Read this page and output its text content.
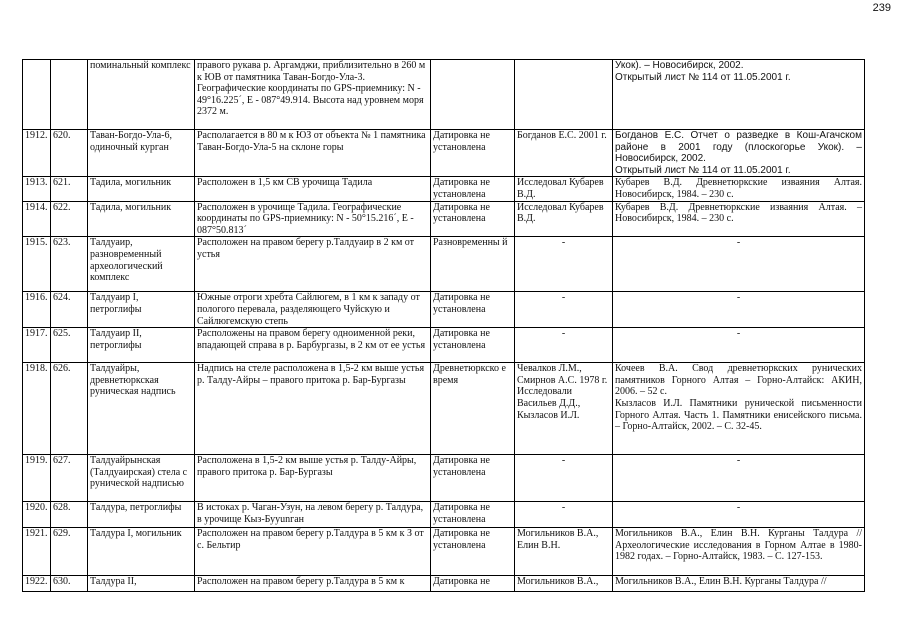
239
		поминальный комплекс	правого рукава р. Аргамджи, приблизительно в 260 м к ЮВ от памятника Таван-Богдо-Ула-3. Географические координаты по GPS-приемнику: N - 49°16.225´, E - 087°49.914. Высота над уровнем моря 2372 м.			Укок). – Новосибирск, 2002.
Открытый лист № 114 от 11.05.2001 г.

1912.	620.	Таван-Богдо-Ула-6, одиночный курган	Располагается в 80 м к ЮЗ от объекта № 1 памятника Таван-Богдо-Ула-5 на склоне горы	Датировка не установлена	Богданов Е.С. 2001 г.	Богданов Е.С. Отчет о разведке в Кош-Агачском районе в 2001 году (плоскогорье Укок). – Новосибирск, 2002.
Открытый лист № 114 от 11.05.2001 г.

1913.	621.	Тадила, могильник	Расположен в 1,5 км СВ урочища Тадила	Датировка не установлена	Исследовал Кубарев В.Д.	Кубарев В.Д. Древнетюркские изваяния Алтая. Новосибирск, 1984. – 230 с.

1914.	622.	Тадила, могильник	Расположен в урочище Тадила. Географические координаты по GPS-приемнику: N - 50°15.216´, E - 087°50.813´	Датировка не установлена	Исследовал Кубарев В.Д.	Кубарев В.Д. Древнетюркские изваяния Алтая. – Новосибирск, 1984. – 230 с.

1915.	623.	Талдуаир, разновременный археологический комплекс	Расположен на правом берегу р.Талдуаир в 2 км от устья	Разновременны й	-	-

1916.	624.	Талдуаир I, петроглифы	Южные отроги хребта Сайлюгем, в 1 км к западу от пологого перевала, разделяющего Чуйскую и Сайлюгемскую степь	Датировка не установлена	-	-

1917.	625.	Талдуаир II, петроглифы	Расположены на правом берегу одноименной реки, впадающей справа в р. Барбургазы, в 2 км от ее устья	Датировка не установлена	-	-

1918.	626.	Талдуайры, древнетюркская руническая надпись	Надпись на стеле расположена в 1,5-2 км выше устья р. Талду-Айры – правого притока р. Бар-Бургазы	Древнетюркско е время	Чевалков Л.М., Смирнов А.С. 1978 г. Исследовали Васильев Д.Д., Кызласов И.Л.	Кочеев В.А. Свод древнетюркских рунических памятников Горного Алтая – Горно-Алтайск: АКИН, 2006. – 52 с.
Кызласов И.Л. Памятники рунической письменности Горного Алтая. Часть 1. Памятники енисейского письма. – Горно-Алтайск, 2002. – С. 32-45.

1919.	627.	Талдуайрынская (Талдуаирская) стела с рунической надписью	Расположена в 1,5-2 км выше устья р. Талду-Айры, правого притока р. Бар-Бургазы	Датировка не установлена	-	-

1920.	628.	Талдура, петроглифы	В истоках р. Чаган-Узун, на левом берегу р. Талдура, в урочище Кыз-Бууunган	Датировка не установлена	-	-

1921.	629.	Талдура I, могильник	Расположен на правом берегу р.Талдура в 5 км к З от с. Бельтир	Датировка не установлена	Могильников В.А., Елин В.Н.	Могильников В.А., Елин В.Н. Курганы Талдура // Археологические исследования в Горном Алтае в 1980-1982 годах. – Горно-Алтайск, 1983. – С. 127-153.

1922.	630.	Талдура II,	Расположен на правом берегу р.Талдура в 5 км к	Датировка не	Могильников В.А.,	Могильников В.А., Елин В.Н. Курганы Талдура //
